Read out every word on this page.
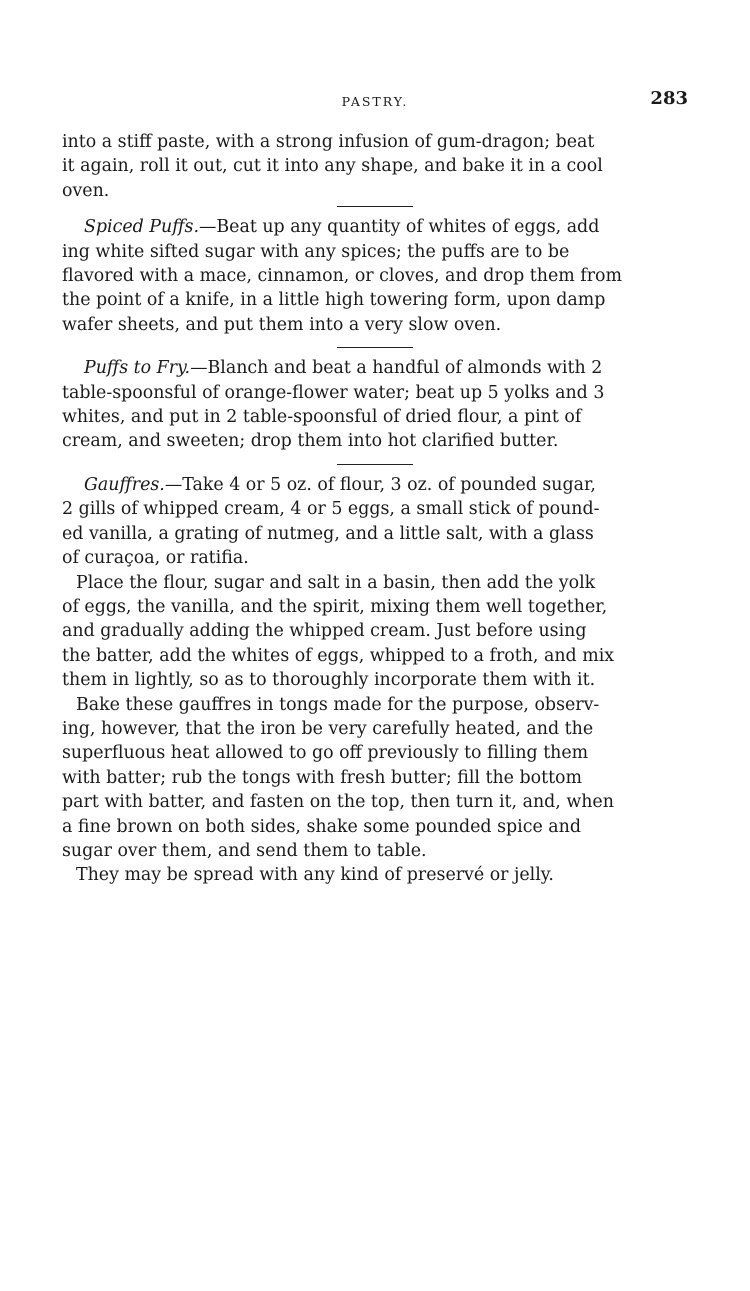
PASTRY.	283

into a stiff paste, with a strong infusion of gum-dragon; beat
it again, roll it out, cut it into any shape, and bake it in a cool
oven.

Spiced Puffs.—Beat up any quantity of whites of eggs, add
ing white sifted sugar with any spices; the puffs are to be
flavored with a mace, cinnamon, or cloves, and drop them from
the point of a knife, in a little high towering form, upon damp
wafer sheets, and put them into a very slow oven.

Puffs to Fry.—Blanch and beat a handful of almonds with 2
table-spoonsful of orange-flower water; beat up 5 yolks and 3
whites, and put in 2 table-spoonsful of dried flour, a pint of
cream, and sweeten; drop them into hot clarified butter.

Gauffres.—Take 4 or 5 oz. of flour, 3 oz. of pounded sugar,
2 gills of whipped cream, 4 or 5 eggs, a small stick of pound-
ed vanilla, a grating of nutmeg, and a little salt, with a glass
of curaçoa, or ratifia.

Place the flour, sugar and salt in a basin, then add the yolk
of eggs, the vanilla, and the spirit, mixing them well together,
and gradually adding the whipped cream. Just before using
the batter, add the whites of eggs, whipped to a froth, and mix
them in lightly, so as to thoroughly incorporate them with it.

Bake these gauffres in tongs made for the purpose, observ-
ing, however, that the iron be very carefully heated, and the
superfluous heat allowed to go off previously to filling them
with batter; rub the tongs with fresh butter; fill the bottom
part with batter, and fasten on the top, then turn it, and, when
a fine brown on both sides, shake some pounded spice and
sugar over them, and send them to table.

They may be spread with any kind of preservé or jelly.
